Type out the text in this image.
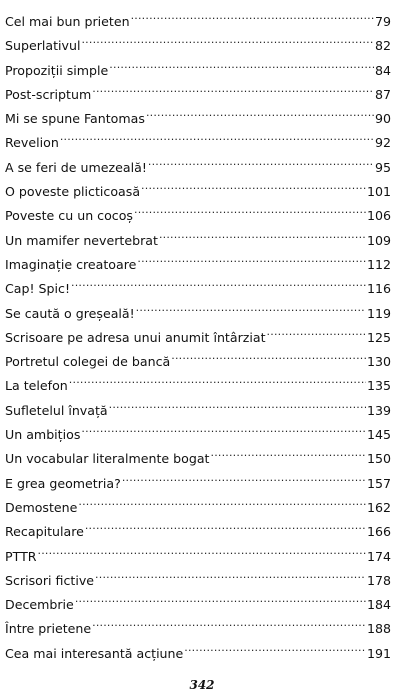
Cel mai bun prieten .....	79
Superlativul .....	82
Propoziții simple .....	84
Post-scriptum .....	87
Mi se spune Fantomas .....	90
Revelion .....	92
A se feri de umezeală! .....	95
O poveste plicticoasă .....	101
Poveste cu un cocoș .....	106
Un mamifer nevertebrat .....	109
Imaginație creatoare .....	112
Cap! Spic! .....	116
Se caută o greșeală! .....	119
Scrisoare pe adresa unui anumit întârziat .....	125
Portretul colegei de bancă .....	130
La telefon .....	135
Sufletelul învață .....	139
Un ambițios .....	145
Un vocabular literalmente bogat .....	150
E grea geometria? .....	157
Demostene .....	162
Recapitulare .....	166
PTTR .....	174
Scrisori fictive .....	178
Decembrie .....	184
Între prietene .....	188
Cea mai interesantă acțiune .....	191
342
